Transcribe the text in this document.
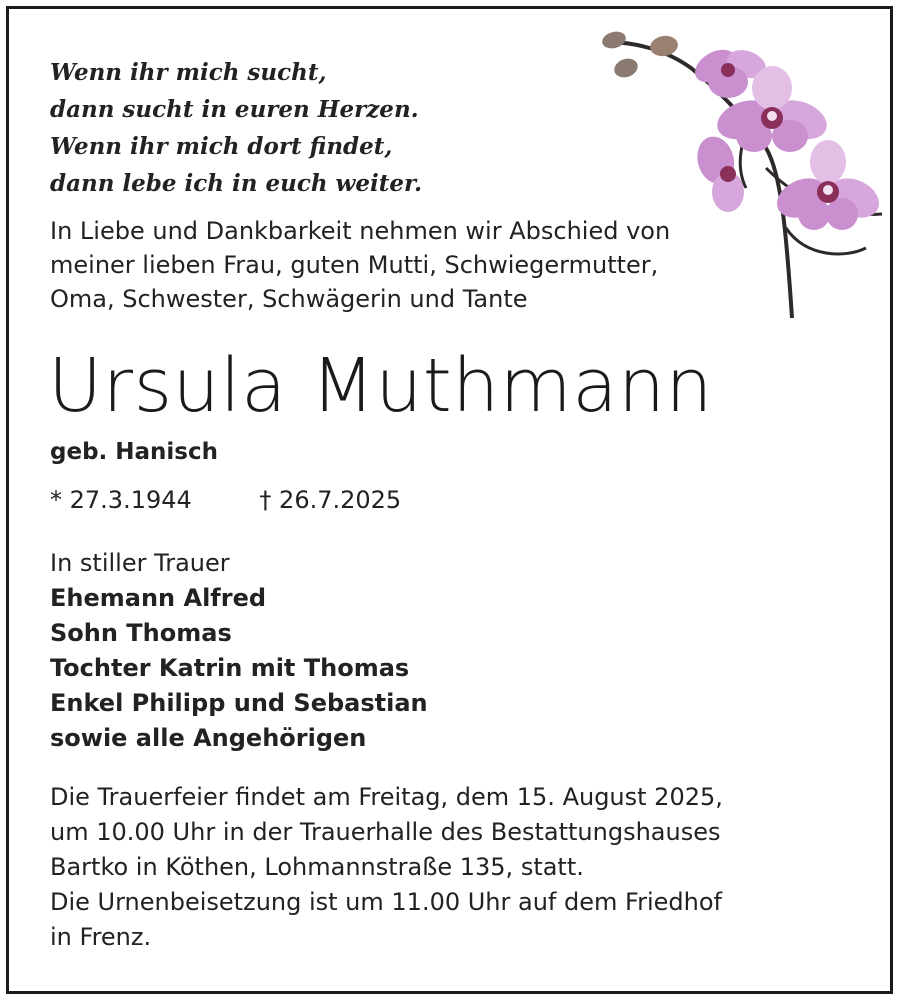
Wenn ihr mich sucht,
dann sucht in euren Herzen.
Wenn ihr mich dort findet,
dann lebe ich in euch weiter.
In Liebe und Dankbarkeit nehmen wir Abschied von
meiner lieben Frau, guten Mutti, Schwiegermutter,
Oma, Schwester, Schwägerin und Tante
Ursula Muthmann
geb. Hanisch
* 27.3.1944	† 26.7.2025
In stiller Trauer
Ehemann Alfred
Sohn Thomas
Tochter Katrin mit Thomas
Enkel Philipp und Sebastian
sowie alle Angehörigen
Die Trauerfeier findet am Freitag, dem 15. August 2025,
um 10.00 Uhr in der Trauerhalle des Bestattungshauses
Bartko in Köthen, Lohmannstraße 135, statt.
Die Urnenbeisetzung ist um 11.00 Uhr auf dem Friedhof
in Frenz.
